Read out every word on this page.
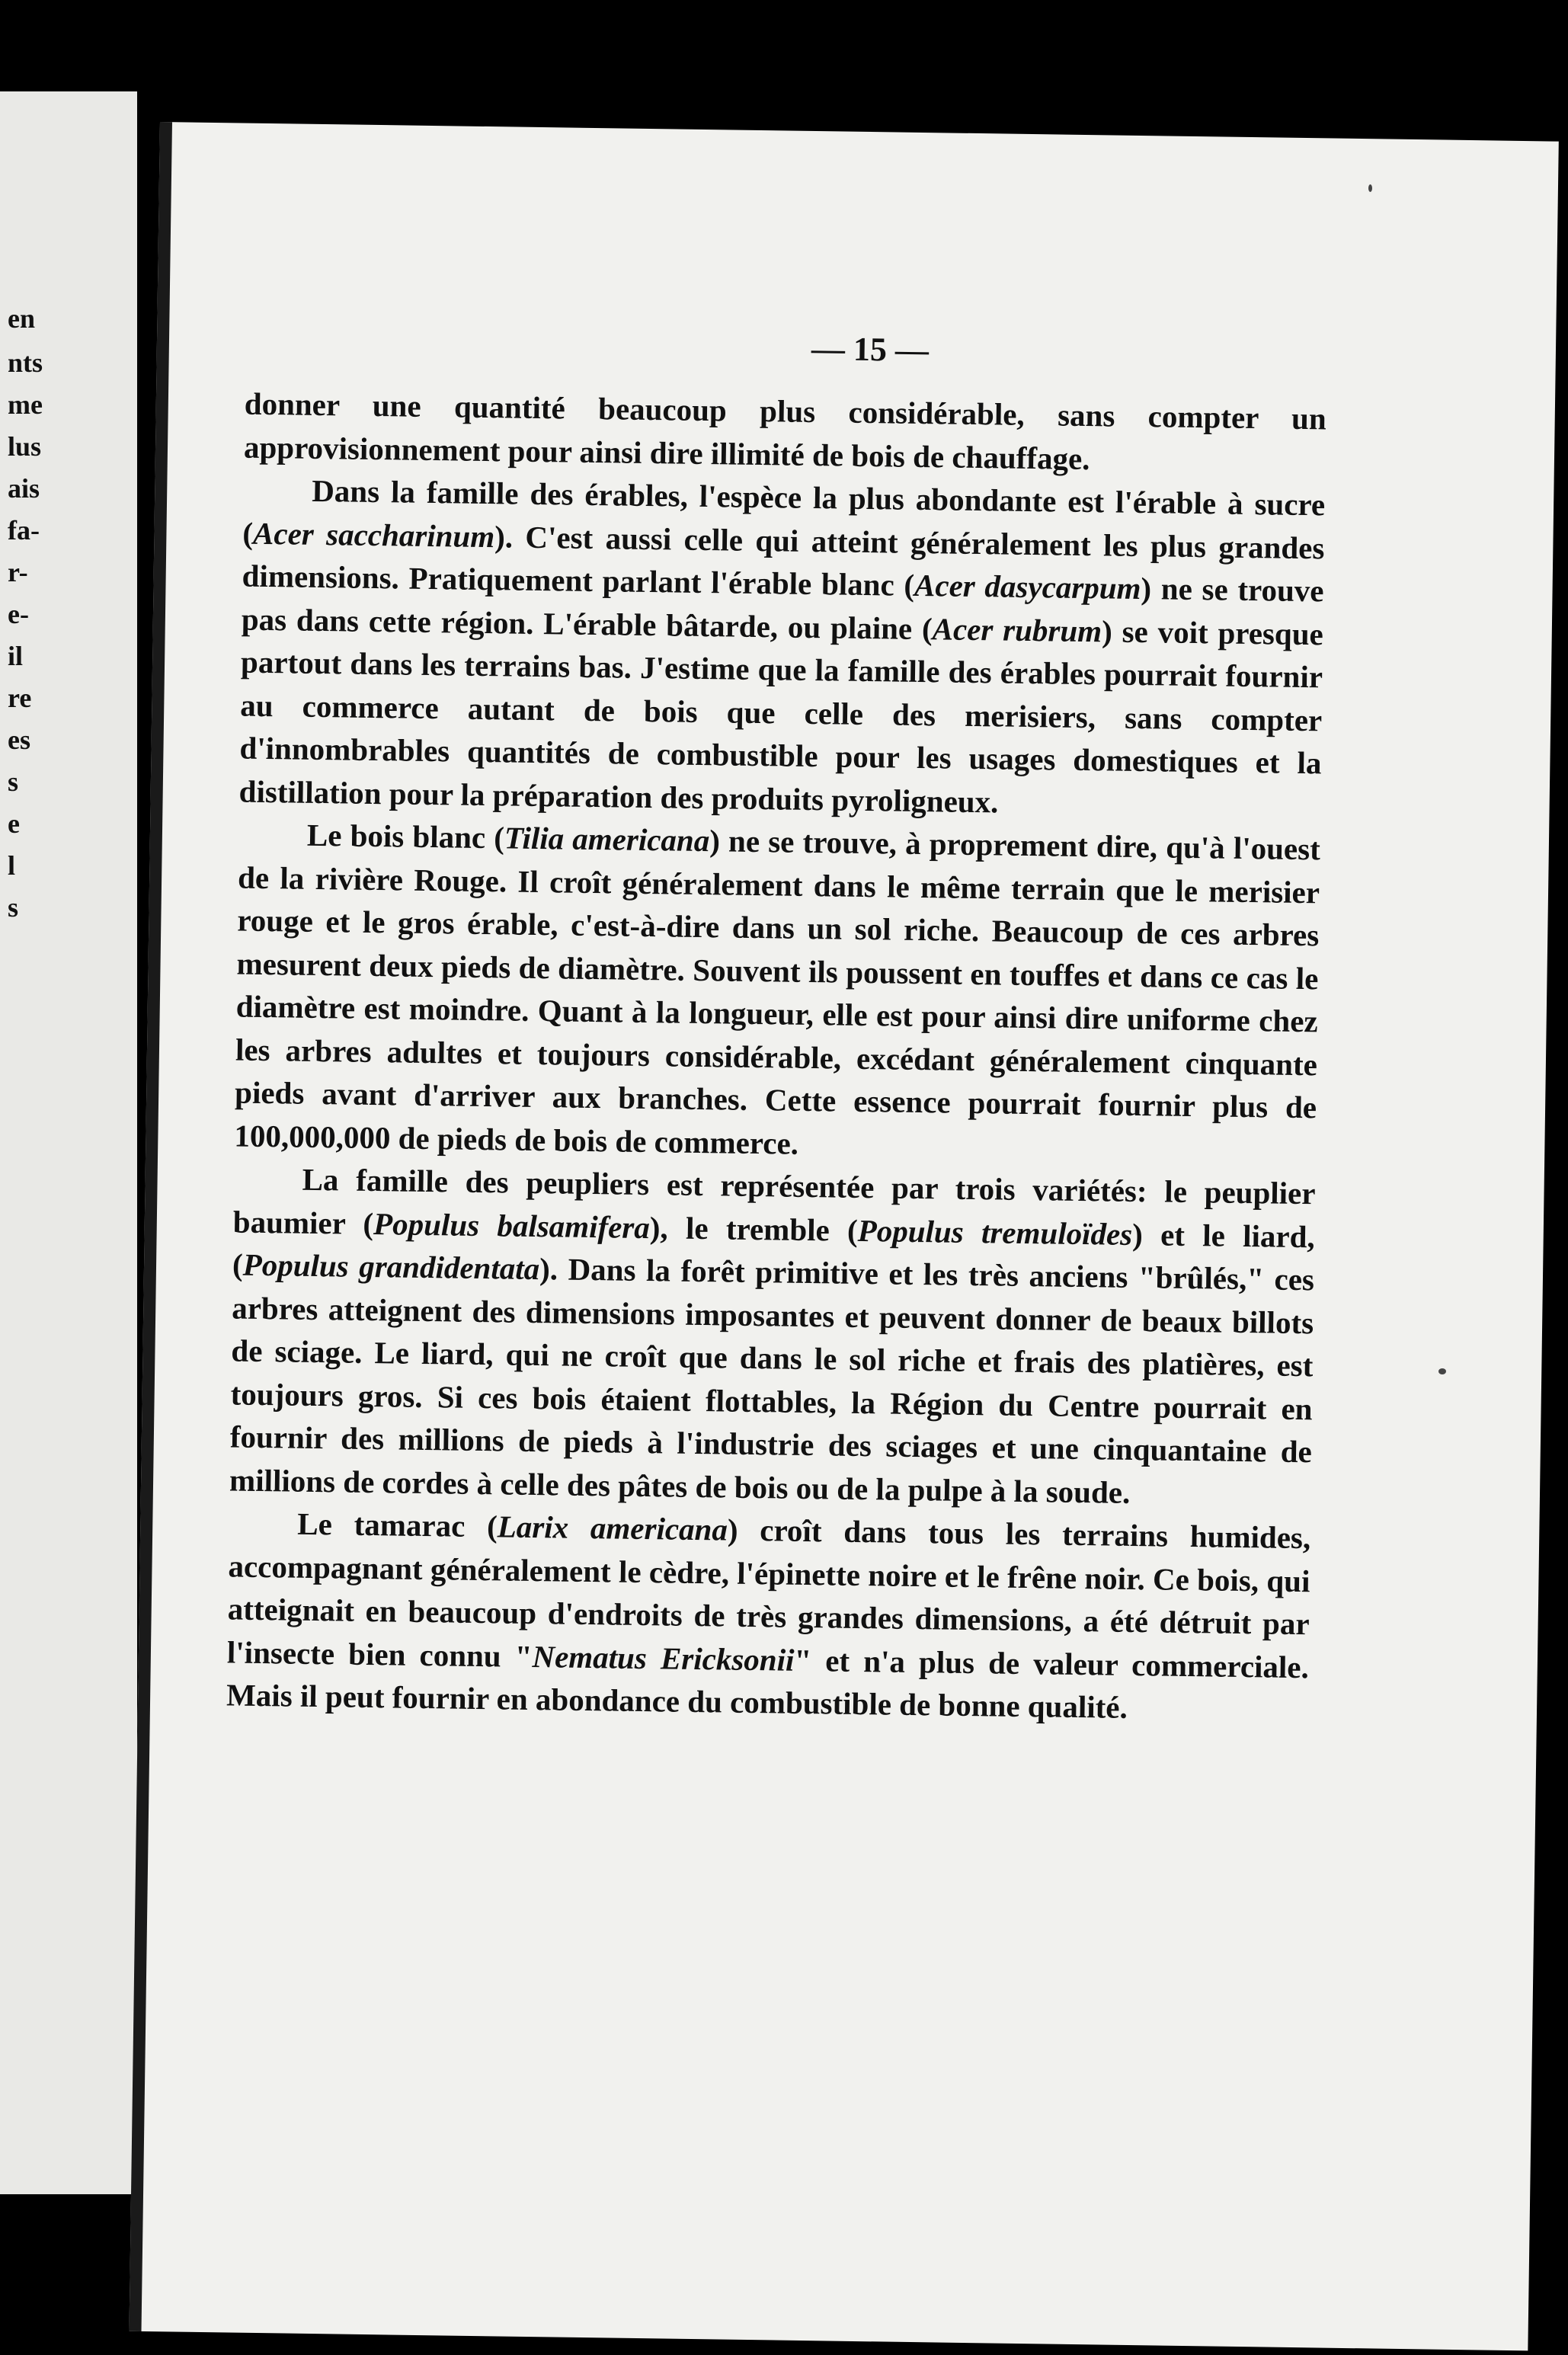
en
nts
me
lus
ais
fa-
r-
e-
il
re
es
s
e
l
s
— 15 —

donner une quantité beaucoup plus considérable, sans compter un approvisionnement pour ainsi dire illimité de bois de chauffage.

Dans la famille des érables, l'espèce la plus abondante est l'érable à sucre (Acer saccharinum). C'est aussi celle qui atteint généralement les plus grandes dimensions. Pratiquement parlant l'érable blanc (Acer dasycarpum) ne se trouve pas dans cette région. L'érable bâtarde, ou plaine (Acer rubrum) se voit presque partout dans les terrains bas. J'estime que la famille des érables pourrait fournir au commerce autant de bois que celle des merisiers, sans compter d'innombrables quantités de combustible pour les usages domestiques et la distillation pour la préparation des produits pyroligneux.

Le bois blanc (Tilia americana) ne se trouve, à proprement dire, qu'à l'ouest de la rivière Rouge. Il croît généralement dans le même terrain que le merisier rouge et le gros érable, c'est-à-dire dans un sol riche. Beaucoup de ces arbres mesurent deux pieds de diamètre. Souvent ils poussent en touffes et dans ce cas le diamètre est moindre. Quant à la longueur, elle est pour ainsi dire uniforme chez les arbres adultes et toujours considérable, excédant généralement cinquante pieds avant d'arriver aux branches. Cette essence pourrait fournir plus de 100,000,000 de pieds de bois de commerce.

La famille des peupliers est représentée par trois variétés: le peuplier baumier (Populus balsamifera), le tremble (Populus tremuloïdes) et le liard, (Populus grandidentata). Dans la forêt primitive et les très anciens "brûlés," ces arbres atteignent des dimensions imposantes et peuvent donner de beaux billots de sciage. Le liard, qui ne croît que dans le sol riche et frais des platières, est toujours gros. Si ces bois étaient flottables, la Région du Centre pourrait en fournir des millions de pieds à l'industrie des sciages et une cinquantaine de millions de cordes à celle des pâtes de bois ou de la pulpe à la soude.

Le tamarac (Larix americana) croît dans tous les terrains humides, accompagnant généralement le cèdre, l'épinette noire et le frêne noir. Ce bois, qui atteignait en beaucoup d'endroits de très grandes dimensions, a été détruit par l'insecte bien connu "Nematus Ericksonii" et n'a plus de valeur commerciale. Mais il peut fournir en abondance du combustible de bonne qualité.
